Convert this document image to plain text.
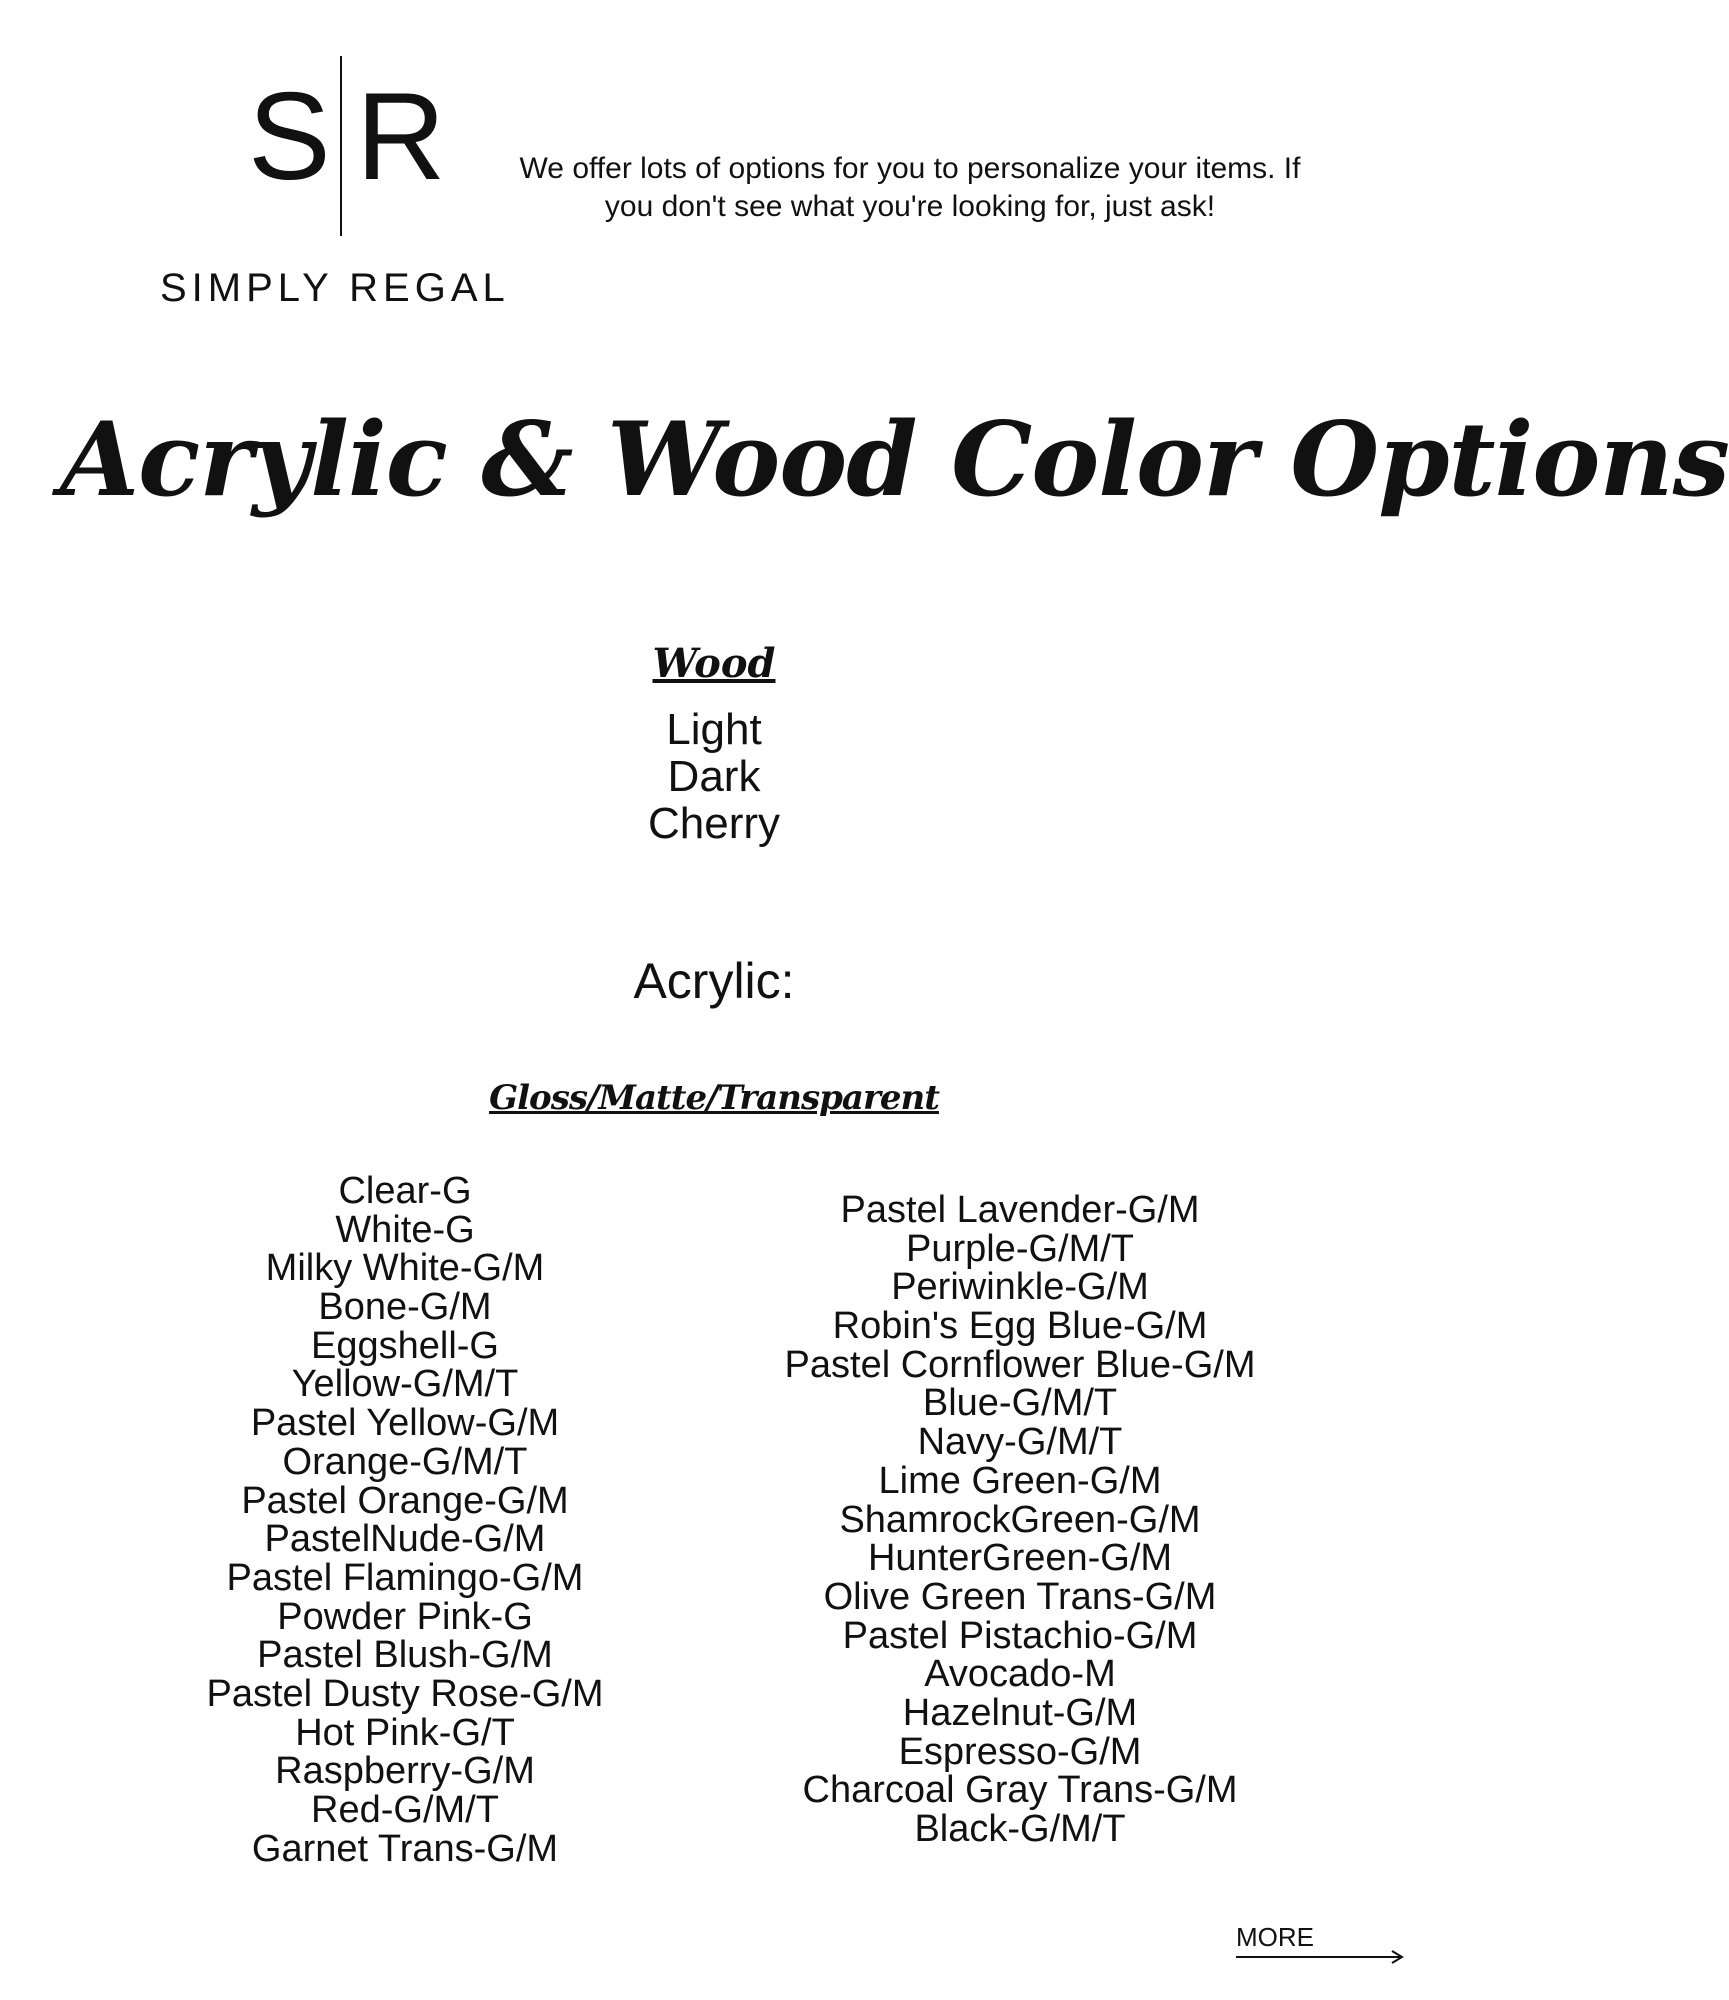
S R
SIMPLY REGAL
We offer lots of options for you to personalize your items. If
you don't see what you're looking for, just ask!
Acrylic & Wood Color Options
Wood
Light
Dark
Cherry
Acrylic:
Gloss/Matte/Transparent
Clear-G
White-G
Milky White-G/M
Bone-G/M
Eggshell-G
Yellow-G/M/T
Pastel Yellow-G/M
Orange-G/M/T
Pastel Orange-G/M
PastelNude-G/M
Pastel Flamingo-G/M
Powder Pink-G
Pastel Blush-G/M
Pastel Dusty Rose-G/M
Hot Pink-G/T
Raspberry-G/M
Red-G/M/T
Garnet Trans-G/M
Pastel Lavender-G/M
Purple-G/M/T
Periwinkle-G/M
Robin's Egg Blue-G/M
Pastel Cornflower Blue-G/M
Blue-G/M/T
Navy-G/M/T
Lime Green-G/M
ShamrockGreen-G/M
HunterGreen-G/M
Olive Green Trans-G/M
Pastel Pistachio-G/M
Avocado-M
Hazelnut-G/M
Espresso-G/M
Charcoal Gray Trans-G/M
Black-G/M/T
MORE
